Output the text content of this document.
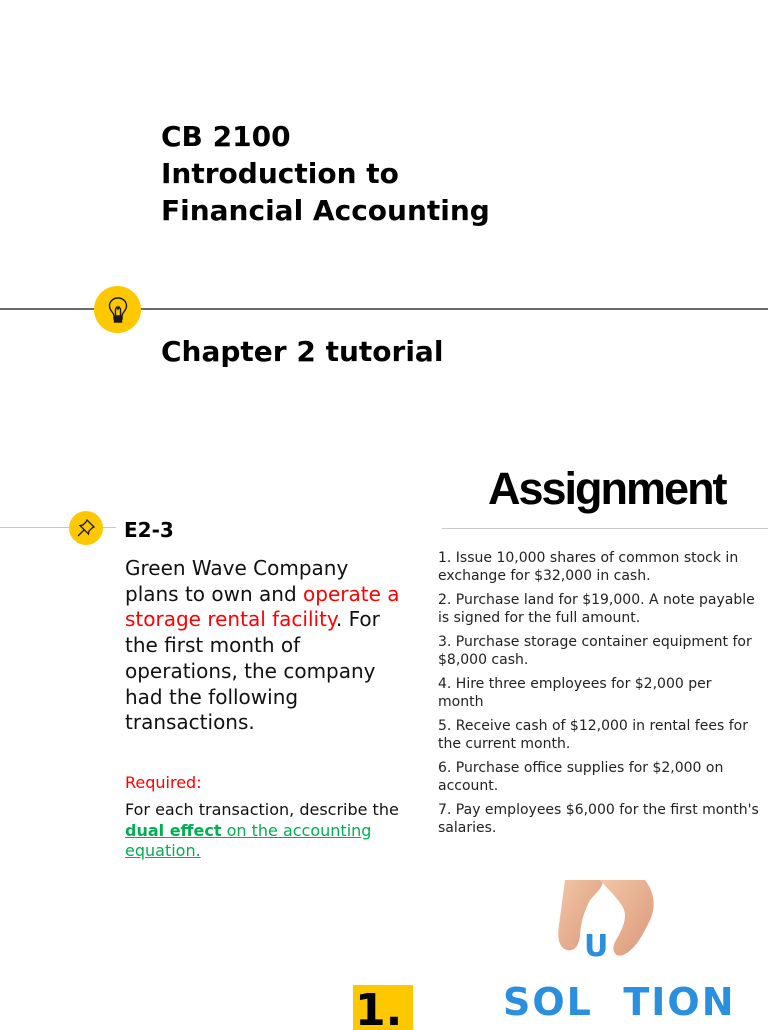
CB 2100
Introduction to
Financial Accounting
Chapter 2 tutorial
E2-3

Green Wave Company plans to own and operate a storage rental facility. For the first month of operations, the company had the following transactions.

Required:

For each transaction, describe the dual effect on the accounting equation.

Assignment
1. Issue 10,000 shares of common stock in exchange for $32,000 in cash.
2. Purchase land for $19,000. A note payable is signed for the full amount.
3. Purchase storage container equipment for $8,000 cash.
4. Hire three employees for $2,000 per month
5. Receive cash of $12,000 in rental fees for the current month.
6. Purchase office supplies for $2,000 on account.
7. Pay employees $6,000 for the first month's salaries.
1.
U
SOL  TION
